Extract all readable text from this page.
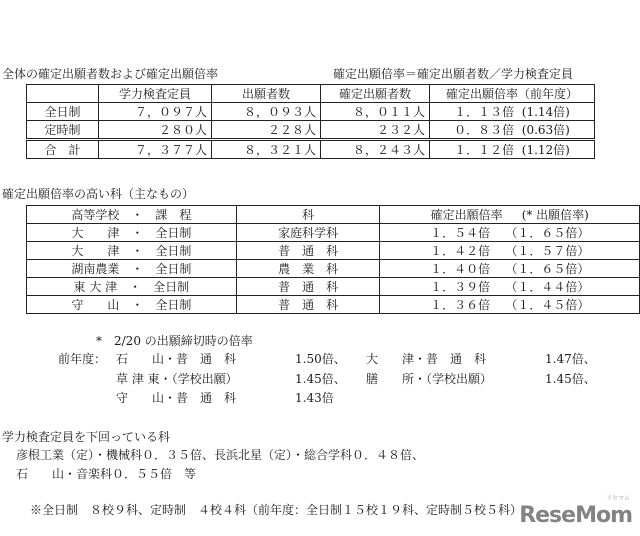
全体の確定出願者数および確定出願倍率	確定出願倍率＝確定出願者数／学力検査定員
	学力検査定員	出願者数	確定出願者数	確定出願倍率（前年度）
全日制	７，０９７人	８，０９３人	８，０１１人	１．１３倍 (1.14倍)
定時制	２８０人	２２８人	２３２人	０．８３倍 (0.63倍)
合　計	７，３７７人	８，３２１人	８，２４３人	１．１２倍 (1.12倍)
確定出願倍率の高い科（主なもの）
高等学校　・　課　程	科	確定出願倍率 (* 出願倍率)
大　　津　・　全日制	家庭科学科	１．５４倍 （１．６５倍）
大　　津　・　全日制	普　通　科	１．４２倍 （１．５７倍）
湖南農業　・　全日制	農　業　科	１．４０倍 （１．６５倍）
東 大 津　・　全日制	普　通　科	１．３９倍 （１．４４倍）
守　　山　・　全日制	普　通　科	１．３６倍 （１．４５倍）
*　2/20 の出願締切時の倍率
前年度： 石　　山・普　通　科	1.50倍、 大　　津・普　通　科	1.47倍、
草 津 東・（学校出願）	1.45倍、 膳　　所・（学校出願）	1.45倍、
守　　山・普　通　科	1.43倍
学力検査定員を下回っている科
彦根工業（定）・機械科０．３５倍、長浜北星（定）・総合学科０．４８倍、
石　　山・音楽科０．５５倍　等
※全日制　８校９科、定時制　４校４科（前年度：全日制１５校１９科、定時制５校５科）
リセマム
ReseMom
